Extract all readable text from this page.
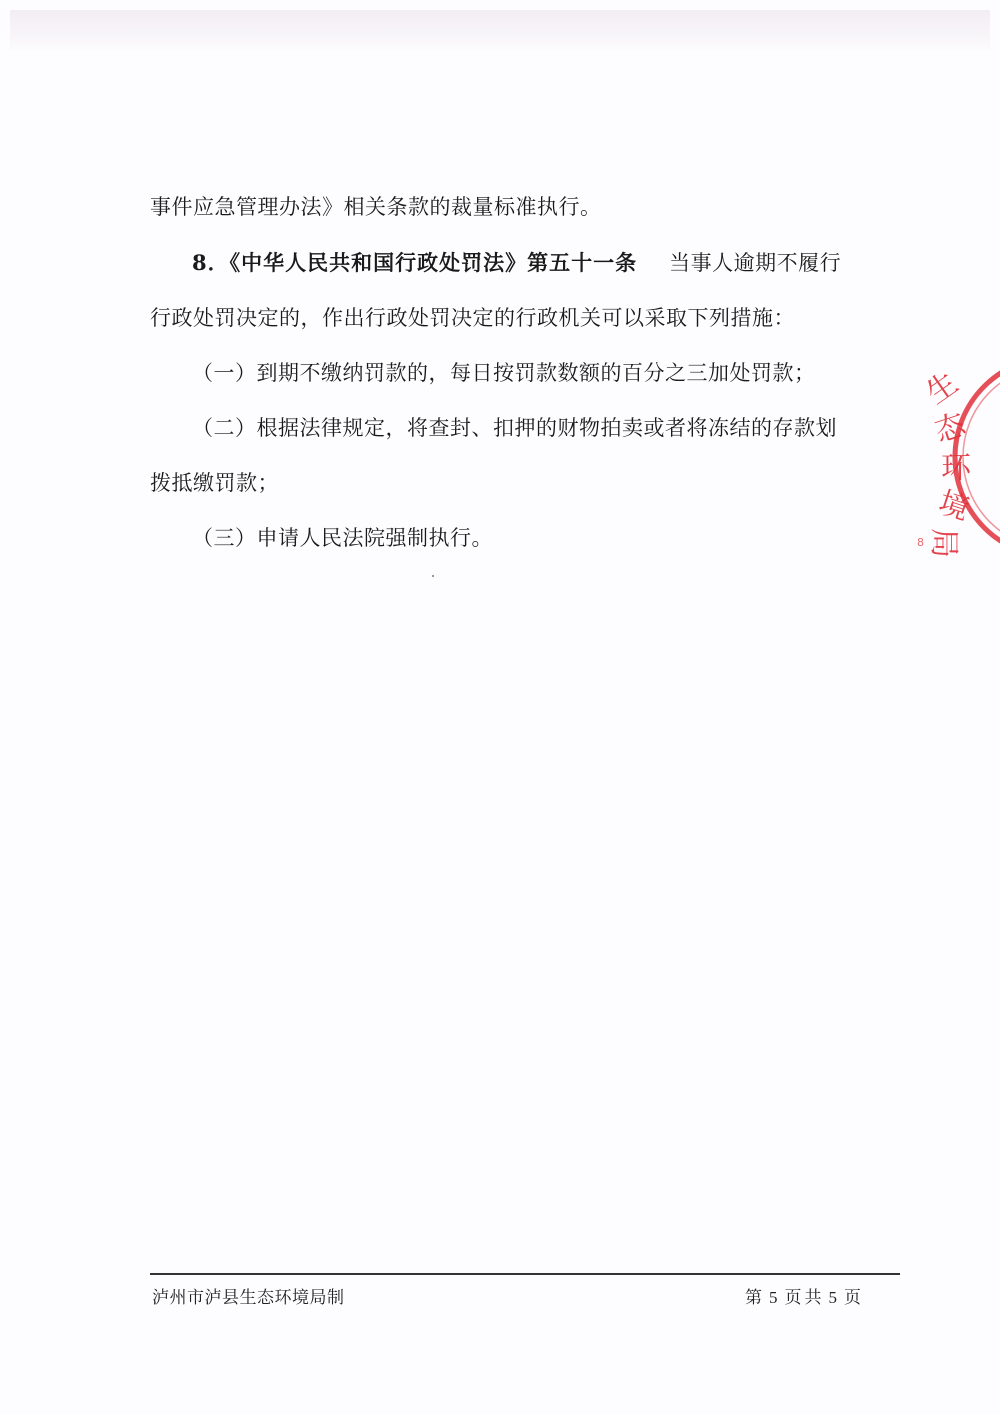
事件应急管理办法》相关条款的裁量标准执行。
8．《中华人民共和国行政处罚法》第五十一条 当事人逾期不履行
行政处罚决定的，作出行政处罚决定的行政机关可以采取下列措施：
（一）到期不缴纳罚款的，每日按罚款数额的百分之三加处罚款；
（二）根据法律规定，将查封、扣押的财物拍卖或者将冻结的存款划
拨抵缴罚款；
（三）申请人民法院强制执行。
生
态
环
境
局
8
泸州市泸县生态环境局制	第 5 页共 5 页
